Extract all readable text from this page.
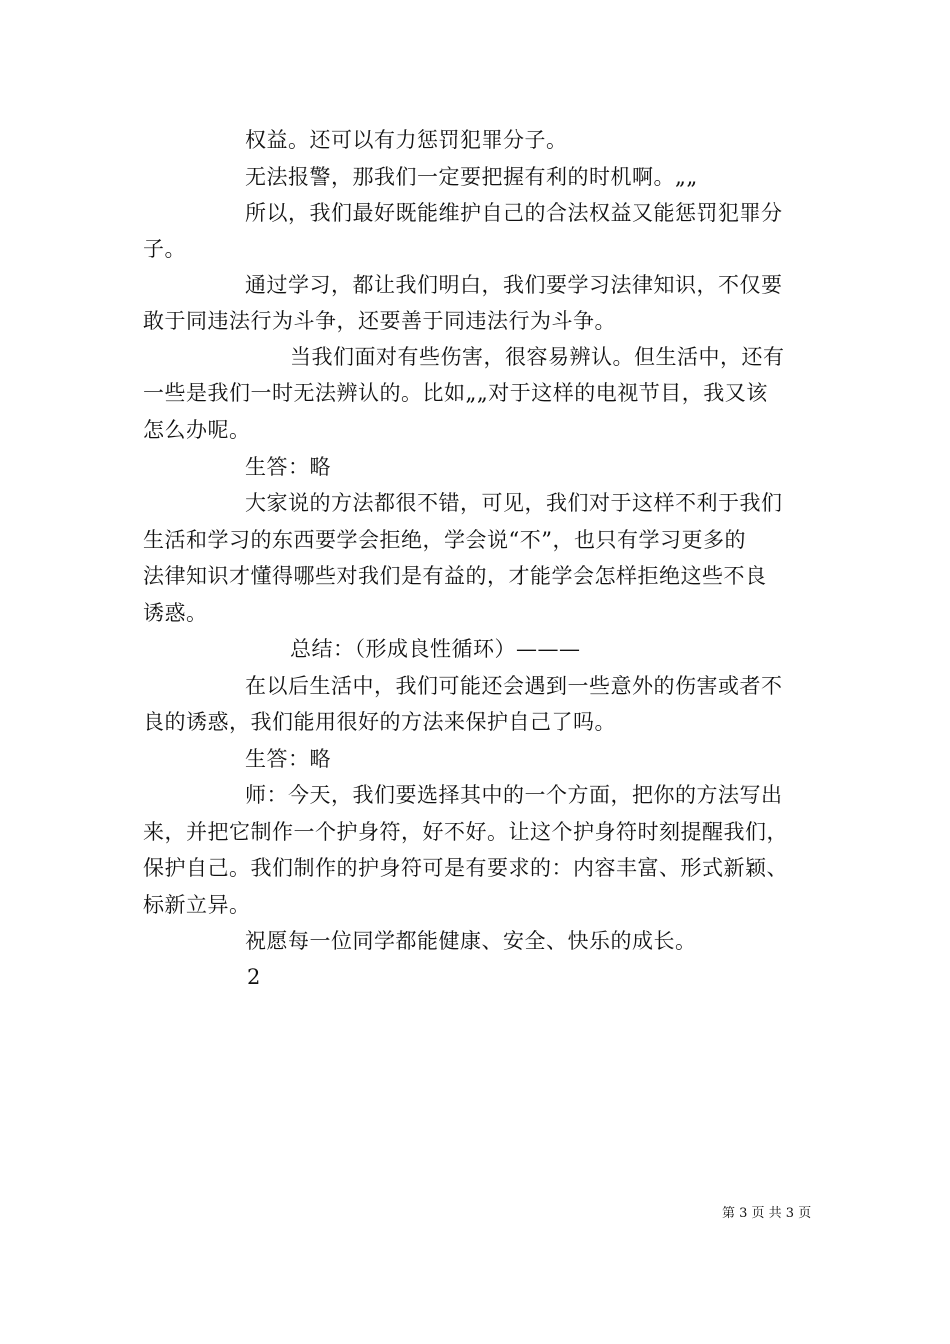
权益。还可以有力惩罚犯罪分子。
无法报警，那我们一定要把握有利的时机啊。„„
所以，我们最好既能维护自己的合法权益又能惩罚犯罪分
子。
通过学习，都让我们明白，我们要学习法律知识，不仅要
敢于同违法行为斗争，还要善于同违法行为斗争。
当我们面对有些伤害，很容易辨认。但生活中，还有
一些是我们一时无法辨认的。比如„„对于这样的电视节目，我又该
怎么办呢。
生答：略
大家说的方法都很不错，可见，我们对于这样不利于我们
生活和学习的东西要学会拒绝，学会说“不”，也只有学习更多的
法律知识才懂得哪些对我们是有益的，才能学会怎样拒绝这些不良
诱惑。
总结：（形成良性循环）———
在以后生活中，我们可能还会遇到一些意外的伤害或者不
良的诱惑，我们能用很好的方法来保护自己了吗。
生答：略
师：今天，我们要选择其中的一个方面，把你的方法写出
来，并把它制作一个护身符，好不好。让这个护身符时刻提醒我们，
保护自己。我们制作的护身符可是有要求的：内容丰富、形式新颖、
标新立异。
祝愿每一位同学都能健康、安全、快乐的成长。
2
第 3 页 共 3 页
